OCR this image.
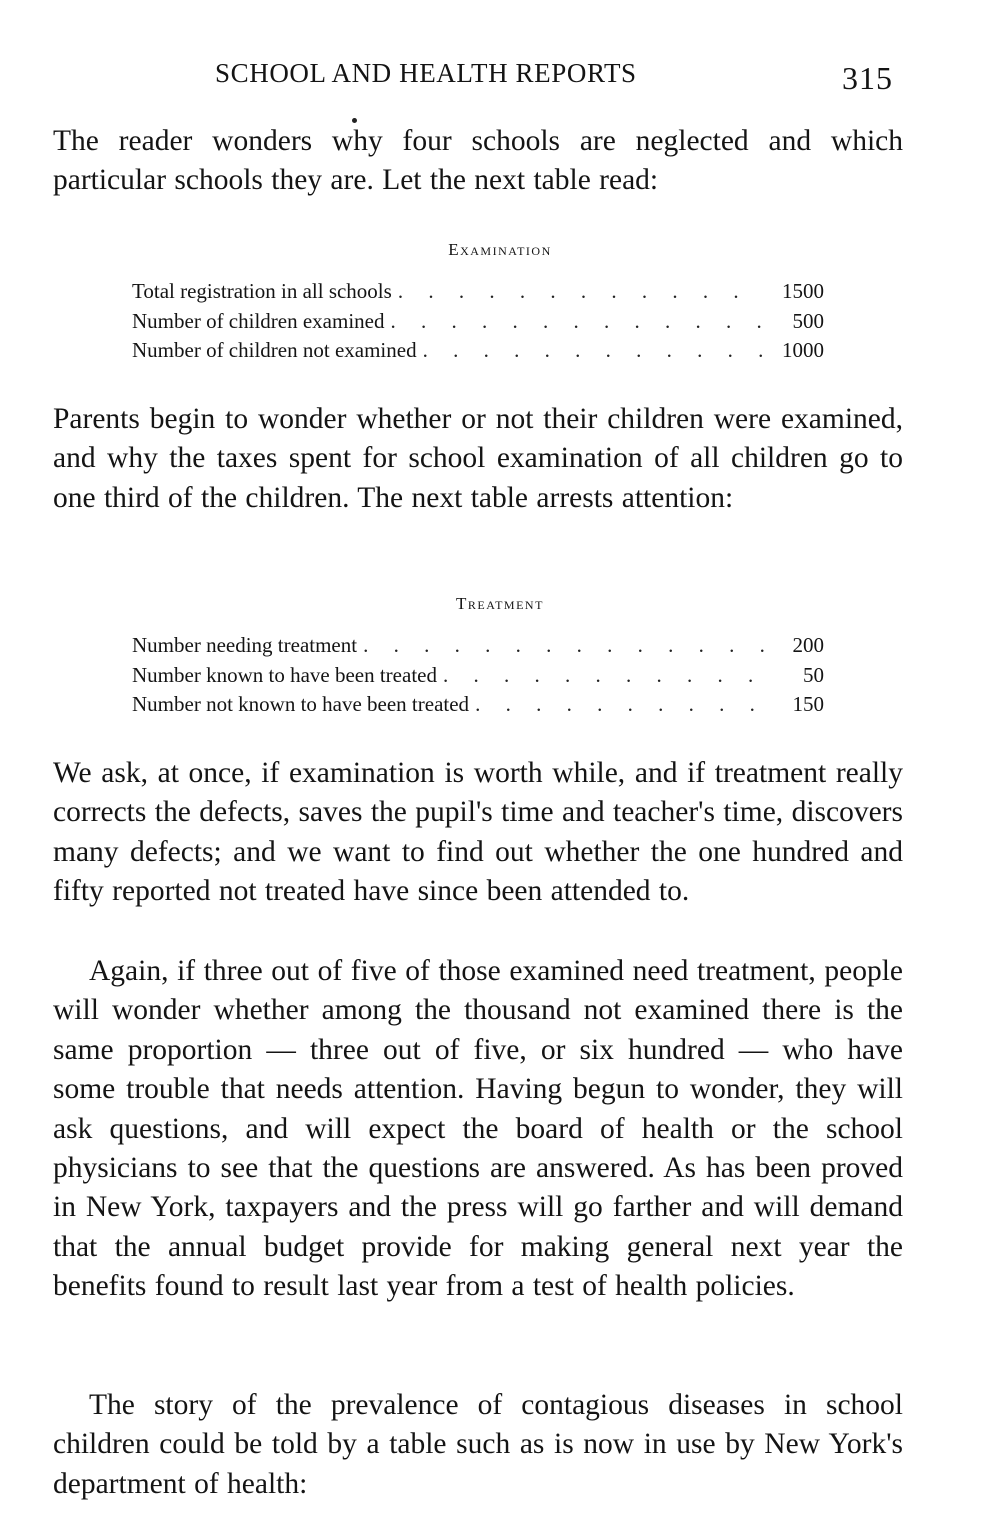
SCHOOL AND HEALTH REPORTS	315

The reader wonders why four schools are neglected and which particular schools they are. Let the next table read:

Examination
Total registration in all schools . . .	1500
Number of children examined . . .	500
Number of children not examined . . .	1000

Parents begin to wonder whether or not their children were examined, and why the taxes spent for school examination of all children go to one third of the children. The next table arrests attention:

Treatment
Number needing treatment . . .	200
Number known to have been treated . . .	50
Number not known to have been treated . . .	150

We ask, at once, if examination is worth while, and if treatment really corrects the defects, saves the pupil's time and teacher's time, discovers many defects; and we want to find out whether the one hundred and fifty reported not treated have since been attended to.

Again, if three out of five of those examined need treatment, people will wonder whether among the thousand not examined there is the same proportion — three out of five, or six hundred — who have some trouble that needs attention. Having begun to wonder, they will ask questions, and will expect the board of health or the school physicians to see that the questions are answered. As has been proved in New York, taxpayers and the press will go farther and will demand that the annual budget provide for making general next year the benefits found to result last year from a test of health policies.

The story of the prevalence of contagious diseases in school children could be told by a table such as is now in use by New York's department of health:
